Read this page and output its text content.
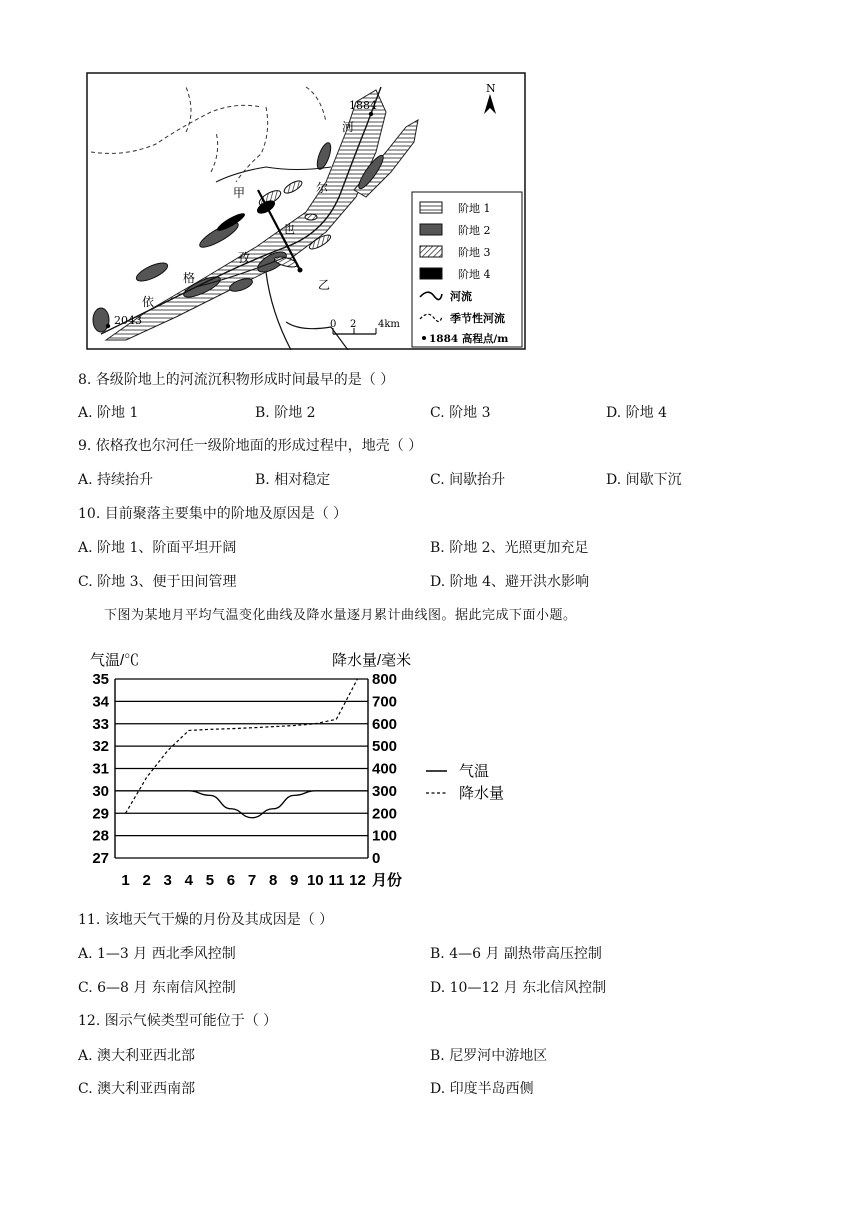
1884
2043
河
尔
也
孜
格
依
甲
乙
N
0 2 4km
阶地 1
阶地 2
阶地 3
阶地 4
河流
季节性河流
1884 高程点/m
8. 各级阶地上的河流沉积物形成时间最早的是（ ）
A. 阶地 1	B. 阶地 2	C. 阶地 3	D. 阶地 4
9. 依格孜也尔河任一级阶地面的形成过程中，地壳（ ）
A. 持续抬升	B. 相对稳定	C. 间歇抬升	D. 间歇下沉
10. 目前聚落主要集中的阶地及原因是（ ）
A. 阶地 1、阶面平坦开阔	B. 阶地 2、光照更加充足
C. 阶地 3、便于田间管理	D. 阶地 4、避开洪水影响
下图为某地月平均气温变化曲线及降水量逐月累计曲线图。据此完成下面小题。
气温/℃	降水量/毫米
35
34
33
32
31
30
29
28
27
800
700
600
500
400
300
200
100
0
1 2 3 4 5 6 7 8 9 10 11 12 月份
气温
降水量
11. 该地天气干燥的月份及其成因是（ ）
A. 1—3 月 西北季风控制	B. 4—6 月 副热带高压控制
C. 6—8 月 东南信风控制	D. 10—12 月 东北信风控制
12. 图示气候类型可能位于（ ）
A. 澳大利亚西北部	B. 尼罗河中游地区
C. 澳大利亚西南部	D. 印度半岛西侧
